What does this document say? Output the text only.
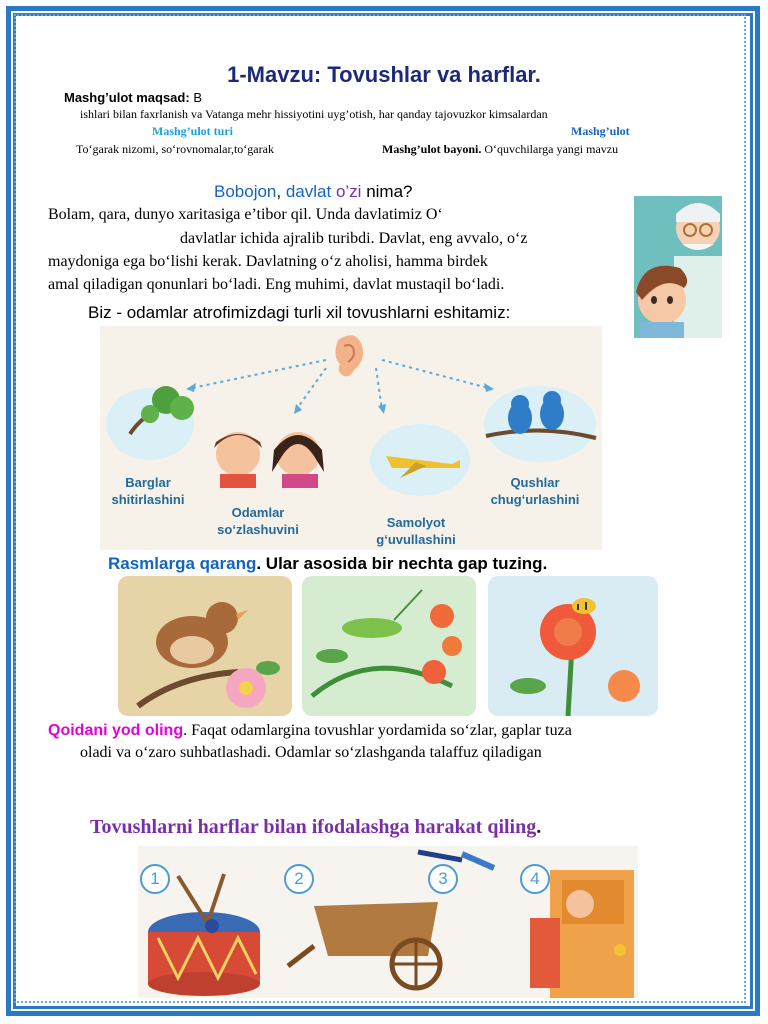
1-Mavzu: Tovushlar va harflar.
Mashg’ulot maqsad: B
ishlari bilan faxrlanish va Vatanga mehr hissiyotini uyg’otish, har qanday tajovuzkor kimsalardan
Mashg’ulot turi	Mashg’ulot
To‘garak nizomi, so‘rovnomalar,to‘garak	Mashg’ulot bayoni. O‘quvchilarga yangi mavzu
Bobojon, davlat o’zi nima?
Bolam, qara, dunyo xaritasiga e’tibor qil. Unda davlatimiz O‘
davlatlar ichida ajralib turibdi. Davlat, eng avvalo, o‘z
maydoniga ega bo‘lishi kerak. Davlatning o‘z aholisi, hamma birdek
amal qiladigan qonunlari bo‘ladi. Eng muhimi, davlat mustaqil bo‘ladi.
Biz - odamlar atrofimizdagi turli xil tovushlarni eshitamiz:
Barglar
shitirlashini
Odamlar
so‘zlashuvini	Samolyot
g‘uvullashini
Qushlar
chug‘urlashini
Rasmlarga qarang. Ular asosida bir nechta gap tuzing.
Qoidani yod oling. Faqat odamlargina tovushlar yordamida so‘zlar, gaplar tuza
oladi va o‘zaro suhbatlashadi. Odamlar so‘zlashganda talaffuz qiladigan
Tovushlarni harflar bilan ifodalashga harakat qiling.
1	2	3	4
